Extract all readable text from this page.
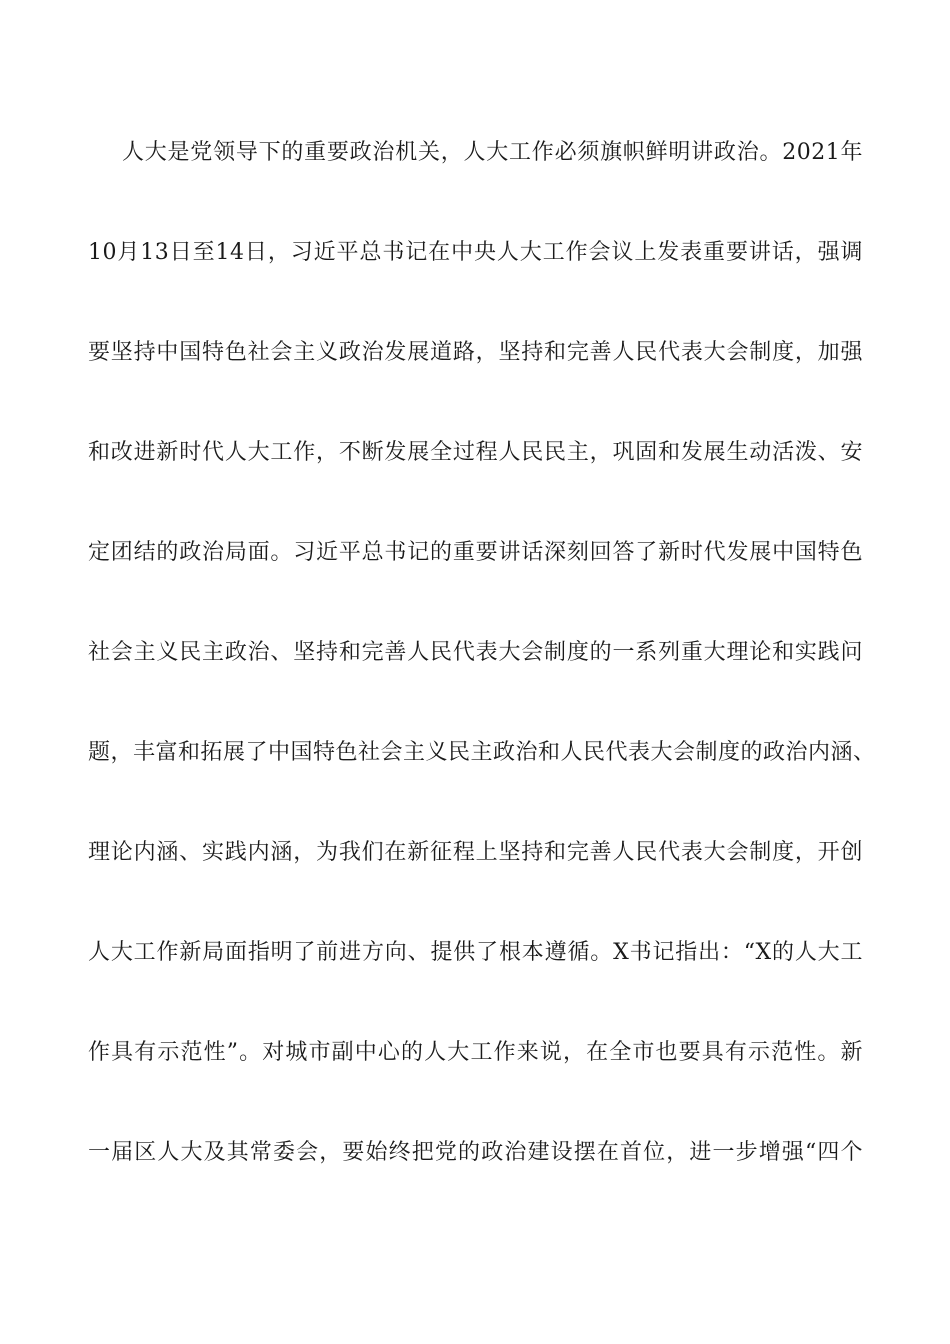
人大是党领导下的重要政治机关，人大工作必须旗帜鲜明讲政治。2021年
10月13日至14日，习近平总书记在中央人大工作会议上发表重要讲话，强调
要坚持中国特色社会主义政治发展道路，坚持和完善人民代表大会制度，加强
和改进新时代人大工作，不断发展全过程人民民主，巩固和发展生动活泼、安
定团结的政治局面。习近平总书记的重要讲话深刻回答了新时代发展中国特色
社会主义民主政治、坚持和完善人民代表大会制度的一系列重大理论和实践问
题，丰富和拓展了中国特色社会主义民主政治和人民代表大会制度的政治内涵、
理论内涵、实践内涵，为我们在新征程上坚持和完善人民代表大会制度，开创
人大工作新局面指明了前进方向、提供了根本遵循。X书记指出：“X的人大工
作具有示范性”。对城市副中心的人大工作来说，在全市也要具有示范性。新
一届区人大及其常委会，要始终把党的政治建设摆在首位，进一步增强“四个
